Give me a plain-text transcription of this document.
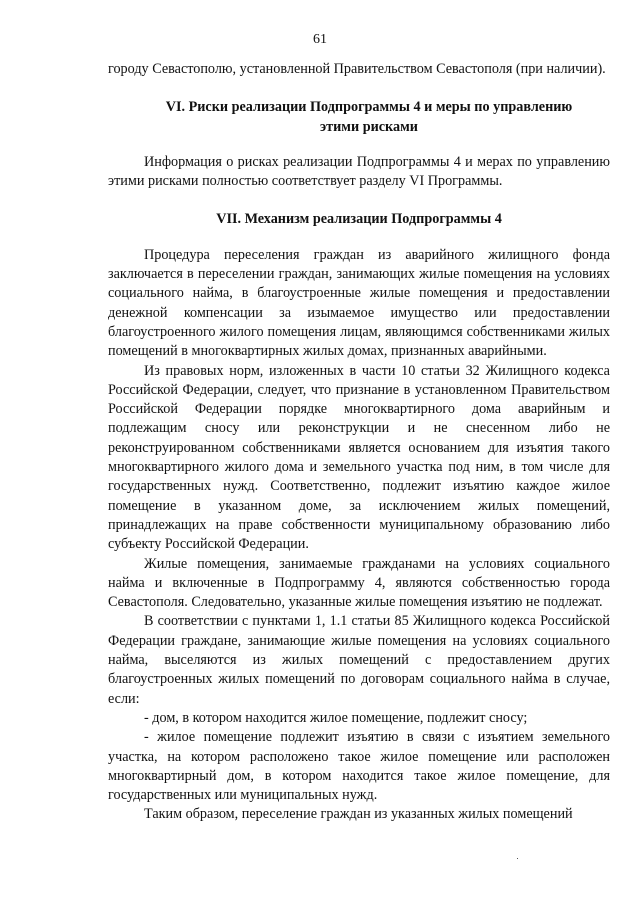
61

городу Севастополю, установленной Правительством Севастополя (при наличии).

VI. Риски реализации Подпрограммы 4 и меры по управлению этими рисками

Информация о рисках реализации Подпрограммы 4 и мерах по управлению этими рисками полностью соответствует разделу VI Программы.

VII. Механизм реализации Подпрограммы 4

Процедура переселения граждан из аварийного жилищного фонда заключается в переселении граждан, занимающих жилые помещения на условиях социального найма, в благоустроенные жилые помещения и предоставлении денежной компенсации за изымаемое имущество или предоставлении благоустроенного жилого помещения лицам, являющимся собственниками жилых помещений в многоквартирных жилых домах, признанных аварийными.

Из правовых норм, изложенных в части 10 статьи 32 Жилищного кодекса Российской Федерации, следует, что признание в установленном Правительством Российской Федерации порядке многоквартирного дома аварийным и подлежащим сносу или реконструкции и не снесенном либо не реконструированном собственниками является основанием для изъятия такого многоквартирного жилого дома и земельного участка под ним, в том числе для государственных нужд. Соответственно, подлежит изъятию каждое жилое помещение в указанном доме, за исключением жилых помещений, принадлежащих на праве собственности муниципальному образованию либо субъекту Российской Федерации.

Жилые помещения, занимаемые гражданами на условиях социального найма и включенные в Подпрограмму 4, являются собственностью города Севастополя. Следовательно, указанные жилые помещения изъятию не подлежат.

В соответствии с пунктами 1, 1.1 статьи 85 Жилищного кодекса Российской Федерации граждане, занимающие жилые помещения на условиях социального найма, выселяются из жилых помещений с предоставлением других благоустроенных жилых помещений по договорам социального найма в случае, если:

- дом, в котором находится жилое помещение, подлежит сносу;

- жилое помещение подлежит изъятию в связи с изъятием земельного участка, на котором расположено такое жилое помещение или расположен многоквартирный дом, в котором находится такое жилое помещение, для государственных или муниципальных нужд.

Таким образом, переселение граждан из указанных жилых помещений
